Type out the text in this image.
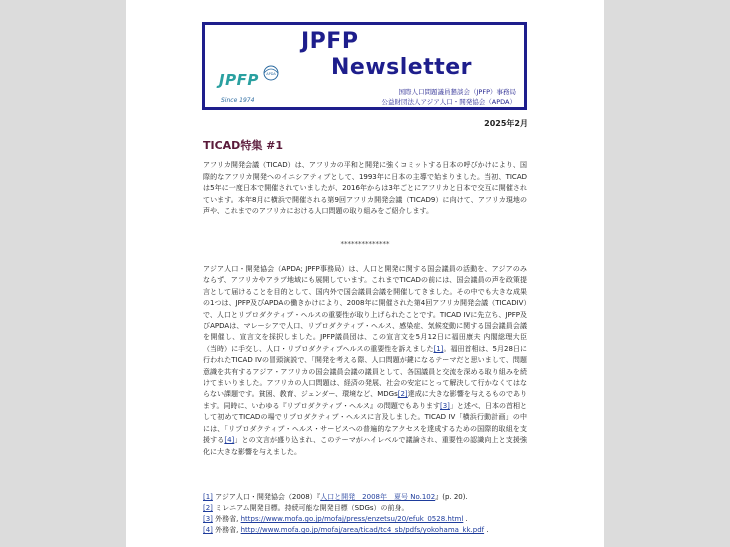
JPFP APDA
Since 1974
JPFP
Newsletter
国際人口問題議員懇談会（JPFP）事務局
公益財団法人アジア人口・開発協会（APDA）
2025年2月
TICAD特集 #1
アフリカ開発会議（TICAD）は、アフリカの平和と開発に強くコミットする日本の呼びかけにより、国際的なアフリカ開発へのイニシアティブとして、1993年に日本の主導で始まりました。当初、TICAD は5年に一度日本で開催されていましたが、2016年からは3年ごとにアフリカと日本で交互に開催されています。本年8月に横浜で開催される第9回アフリカ開発会議（TICAD9）に向けて、アフリカ現地の声や、これまでのアフリカにおける人口問題の取り組みをご紹介します。
**************
アジア人口・開発協会（APDA; JPFP事務局）は、人口と開発に関する国会議員の活動を、アジアのみならず、アフリカやアラブ地域にも展開しています。これまでTICADの前には、国会議員の声を政策提言として届けることを目的として、国内外で国会議員会議を開催してきました。その中でも大きな成果の1つは、JPFP及びAPDAの働きかけにより、2008年に開催された第4回アフリカ開発会議（TICADIV）で、人口とリプロダクティブ・ヘルスの重要性が取り上げられたことです。TICAD IVに先立ち、JPFP及びAPDAは、マレーシアで人口、リプロダクティブ・ヘルス、感染症、気候変動に関する国会議員会議を開催し、宣言文を採択しました。JPFP議員団は、この宣言文を5月12日に福田康夫 内閣総理大臣（当時）に手交し、人口・リプロダクティブヘルスの重要性を訴えました[1]。福田首相は、5月28日に行われたTICAD IVの冒頭演説で、「開発を考える際、人口問題が鍵になるテーマだと思いまして、問題意識を共有するアジア・アフリカの国会議員会議の議員として、各国議員と交流を深める取り組みを続けてまいりました。アフリカの人口問題は、経済の発展、社会の安定にとって解決して行かなくてはならない課題です。貧困、教育、ジェンダー、環境など、MDGs[2]達成に大きな影響を与えるものであります。同時に、いわゆる『リプロダクティブ・ヘルス』の問題でもあります[3]」と述べ、日本の首相として初めてTICADの場でリプロダクティブ・ヘルスに言及しました。TICAD IV「横浜行動計画」の中には、「リプロダクティブ・ヘルス・サービスへの普遍的なアクセスを達成するための国際的取組を支援する[4]」との文言が盛り込まれ、このテーマがハイレベルで議論され、重要性の認識向上と支援強化に大きな影響を与えました。
[1] アジア人口・開発協会（2008）『人口と開発　2008年　夏号 No.102』(p. 20).
[2] ミレニアム開発目標。持続可能な開発目標（SDGs）の前身。
[3] 外務省, https://www.mofa.go.jp/mofaj/press/enzetsu/20/efuk_0528.html .
[4] 外務省, http://www.mofa.go.jp/mofaj/area/ticad/tc4_sb/pdfs/yokohama_kk.pdf .
